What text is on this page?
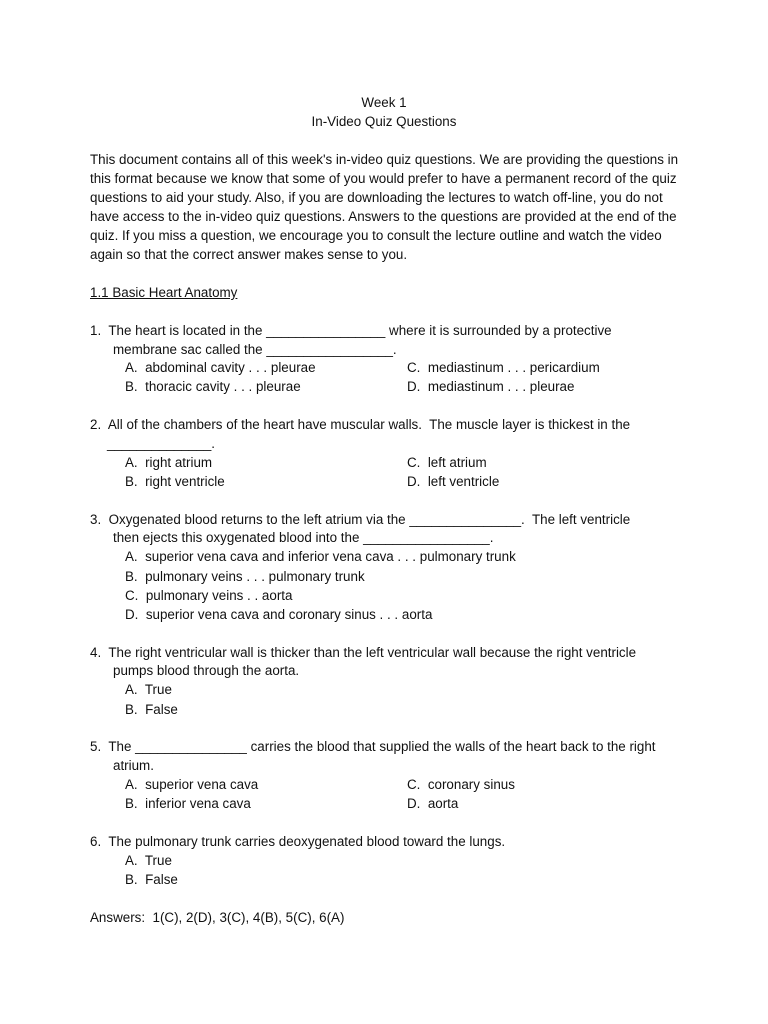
Week 1
In-Video Quiz Questions
This document contains all of this week's in-video quiz questions. We are providing the questions in this format because we know that some of you would prefer to have a permanent record of the quiz questions to aid your study. Also, if you are downloading the lectures to watch off-line, you do not have access to the in-video quiz questions. Answers to the questions are provided at the end of the quiz. If you miss a question, we encourage you to consult the lecture outline and watch the video again so that the correct answer makes sense to you.
1.1 Basic Heart Anatomy
1.  The heart is located in the ________________ where it is surrounded by a protective
membrane sac called the _________________.
A.  abdominal cavity . . . pleurae
B.  thoracic cavity . . . pleurae
C.  mediastinum . . . pericardium
D.  mediastinum . . . pleurae
2.  All of the chambers of the heart have muscular walls.  The muscle layer is thickest in the
______________.
A.  right atrium
B.  right ventricle
C.  left atrium
D.  left ventricle
3.  Oxygenated blood returns to the left atrium via the _______________.  The left ventricle
then ejects this oxygenated blood into the _________________.
A.  superior vena cava and inferior vena cava . . . pulmonary trunk
B.  pulmonary veins . . . pulmonary trunk
C.  pulmonary veins . . aorta
D.  superior vena cava and coronary sinus . . . aorta
4.  The right ventricular wall is thicker than the left ventricular wall because the right ventricle
pumps blood through the aorta.
A.  True
B.  False
5.  The _______________ carries the blood that supplied the walls of the heart back to the right
atrium.
A.  superior vena cava
B.  inferior vena cava
C.  coronary sinus
D.  aorta
6.  The pulmonary trunk carries deoxygenated blood toward the lungs.
A.  True
B.  False
Answers:  1(C), 2(D), 3(C), 4(B), 5(C), 6(A)
